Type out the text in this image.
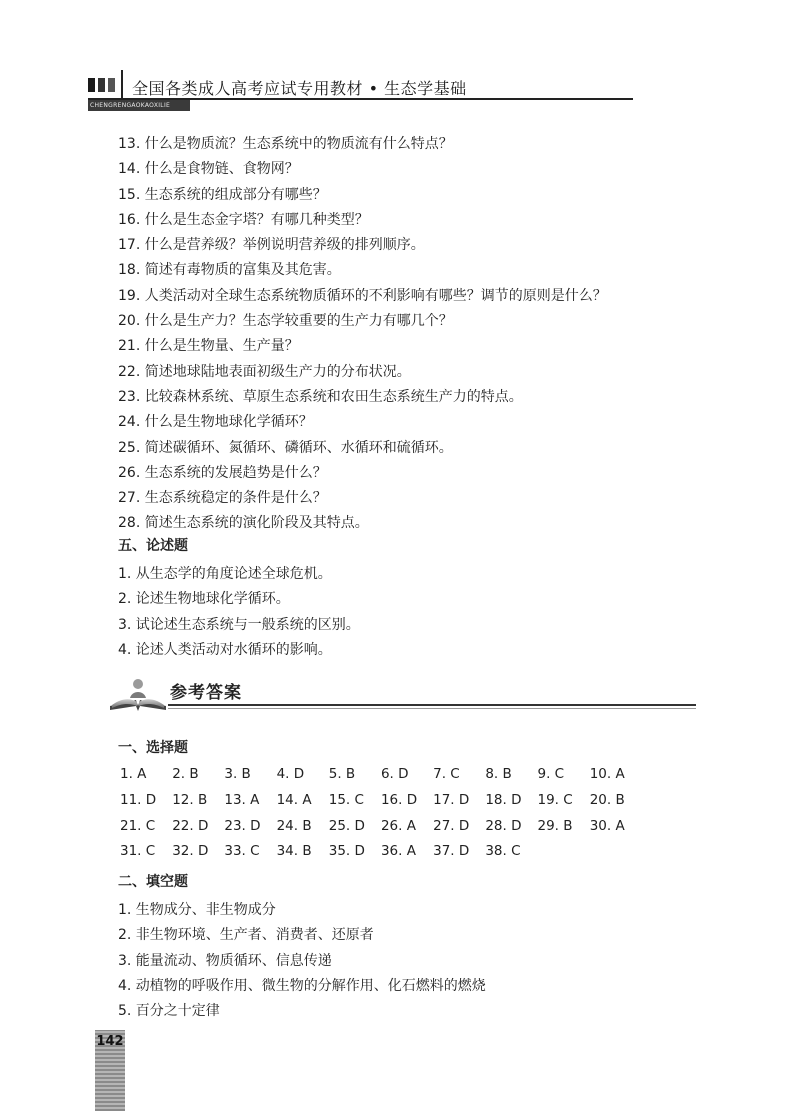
全国各类成人高考应试专用教材 • 生态学基础
CHENGRENGAOKAOXILIE
13. 什么是物质流？生态系统中的物质流有什么特点？
14. 什么是食物链、食物网？
15. 生态系统的组成部分有哪些？
16. 什么是生态金字塔？有哪几种类型？
17. 什么是营养级？举例说明营养级的排列顺序。
18. 简述有毒物质的富集及其危害。
19. 人类活动对全球生态系统物质循环的不利影响有哪些？调节的原则是什么？
20. 什么是生产力？生态学较重要的生产力有哪几个？
21. 什么是生物量、生产量？
22. 简述地球陆地表面初级生产力的分布状况。
23. 比较森林系统、草原生态系统和农田生态系统生产力的特点。
24. 什么是生物地球化学循环？
25. 简述碳循环、氮循环、磷循环、水循环和硫循环。
26. 生态系统的发展趋势是什么？
27. 生态系统稳定的条件是什么？
28. 简述生态系统的演化阶段及其特点。
五、论述题
1. 从生态学的角度论述全球危机。
2. 论述生物地球化学循环。
3. 试论述生态系统与一般系统的区别。
4. 论述人类活动对水循环的影响。
参考答案
一、选择题
1. A	2. B	3. B	4. D	5. B	6. D	7. C	8. B	9. C	10. A
11. D	12. B	13. A	14. A	15. C	16. D	17. D	18. D	19. C	20. B
21. C	22. D	23. D	24. B	25. D	26. A	27. D	28. D	29. B	30. A
31. C	32. D	33. C	34. B	35. D	36. A	37. D	38. C
二、填空题
1. 生物成分、非生物成分
2. 非生物环境、生产者、消费者、还原者
3. 能量流动、物质循环、信息传递
4. 动植物的呼吸作用、微生物的分解作用、化石燃料的燃烧
5. 百分之十定律
142
